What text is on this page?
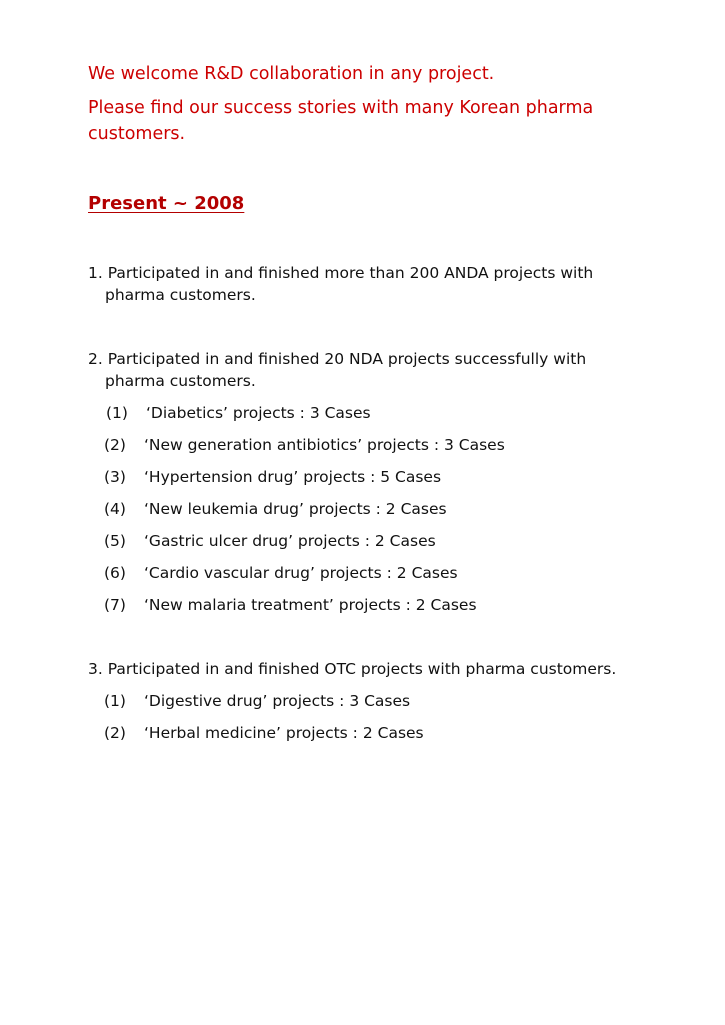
We welcome R&D collaboration in any project.

Please find our success stories with many Korean pharma customers.

Present ~ 2008

1. Participated in and finished more than 200 ANDA projects with pharma customers.

2. Participated in and finished 20 NDA projects successfully with pharma customers.

(1) ‘Diabetics’ projects : 3 Cases

(2) ‘New generation antibiotics’ projects : 3 Cases

(3) ‘Hypertension drug’ projects : 5 Cases

(4) ‘New leukemia drug’ projects : 2 Cases

(5) ‘Gastric ulcer drug’ projects : 2 Cases

(6) ‘Cardio vascular drug’ projects : 2 Cases

(7) ‘New malaria treatment’ projects : 2 Cases

3. Participated in and finished OTC projects with pharma customers.

(1) ‘Digestive drug’ projects : 3 Cases

(2) ‘Herbal medicine’ projects : 2 Cases
